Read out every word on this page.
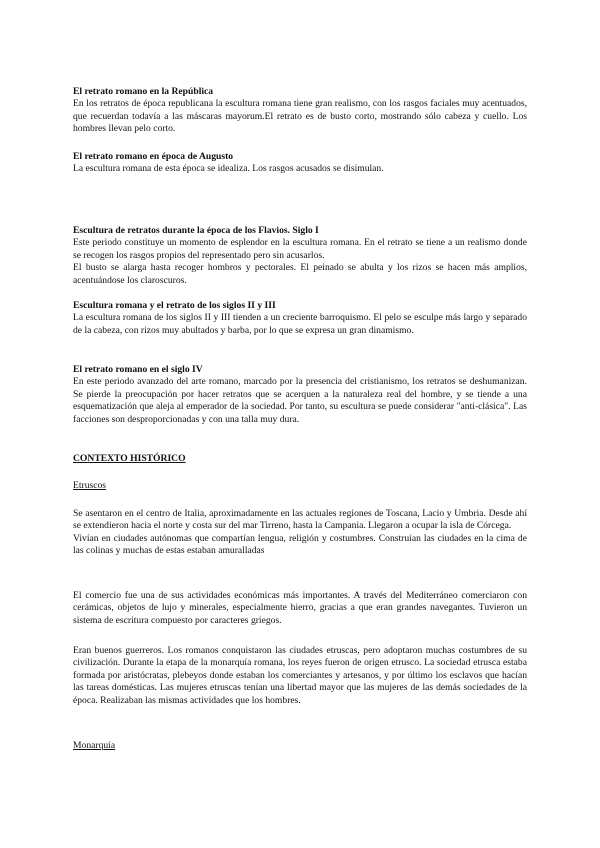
El retrato romano en la República

En los retratos de época republicana la escultura romana tiene gran realismo, con los rasgos faciales muy acentuados, que recuerdan todavía a las máscaras mayorum.El retrato es de busto corto, mostrando sólo cabeza y cuello. Los hombres llevan pelo corto.

El retrato romano en época de Augusto

La escultura romana de esta época se idealiza. Los rasgos acusados se disimulan.

Escultura de retratos durante la época de los Flavios. Siglo I

Este periodo constituye un momento de esplendor en la escultura romana. En el retrato se tiene a un realismo donde se recogen los rasgos propios del representado pero sin acusarlos.

El busto se alarga hasta recoger hombros y pectorales. El peinado se abulta y los rizos se hacen más amplios, acentuándose los claroscuros.

Escultura romana y el retrato de los siglos II y III

La escultura romana de los siglos II y III tienden a un creciente barroquismo. El pelo se esculpe más largo y separado de la cabeza, con rizos muy abultados y barba, por lo que se expresa un gran dinamismo.

El retrato romano en el siglo IV

En este periodo avanzado del arte romano, marcado por la presencia del cristianismo, los retratos se deshumanizan. Se pierde la preocupación por hacer retratos que se acerquen a la naturaleza real del hombre, y se tiende a una esquematización que aleja al emperador de la sociedad. Por tanto, su escultura se puede considerar "anti-clásica". Las facciones son desproporcionadas y con una talla muy dura.

CONTEXTO HISTÓRICO
Etruscos

Se asentaron en el centro de Italia, aproximadamente en las actuales regiones de Toscana, Lacio y Umbria. Desde ahí se extendieron hacia el norte y costa sur del mar Tirreno, hasta la Campania. Llegaron a ocupar la isla de Córcega.

Vivían en ciudades autónomas que compartían lengua, religión y costumbres. Construían las ciudades en la cima de las colinas y muchas de estas estaban amuralladas

El comercio fue una de sus actividades económicas más importantes. A través del Mediterráneo comerciaron con cerámicas, objetos de lujo y minerales, especialmente hierro, gracias a que eran grandes navegantes. Tuvieron un sistema de escritura compuesto por caracteres griegos.

Eran buenos guerreros. Los romanos conquistaron las ciudades etruscas, pero adoptaron muchas costumbres de su civilización. Durante la etapa de la monarquía romana, los reyes fueron de origen etrusco. La sociedad etrusca estaba formada por aristócratas, plebeyos donde estaban los comerciantes y artesanos, y por último los esclavos que hacían las tareas domésticas. Las mujeres etruscas tenían una libertad mayor que las mujeres de las demás sociedades de la época. Realizaban las mismas actividades que los hombres.

Monarquía
